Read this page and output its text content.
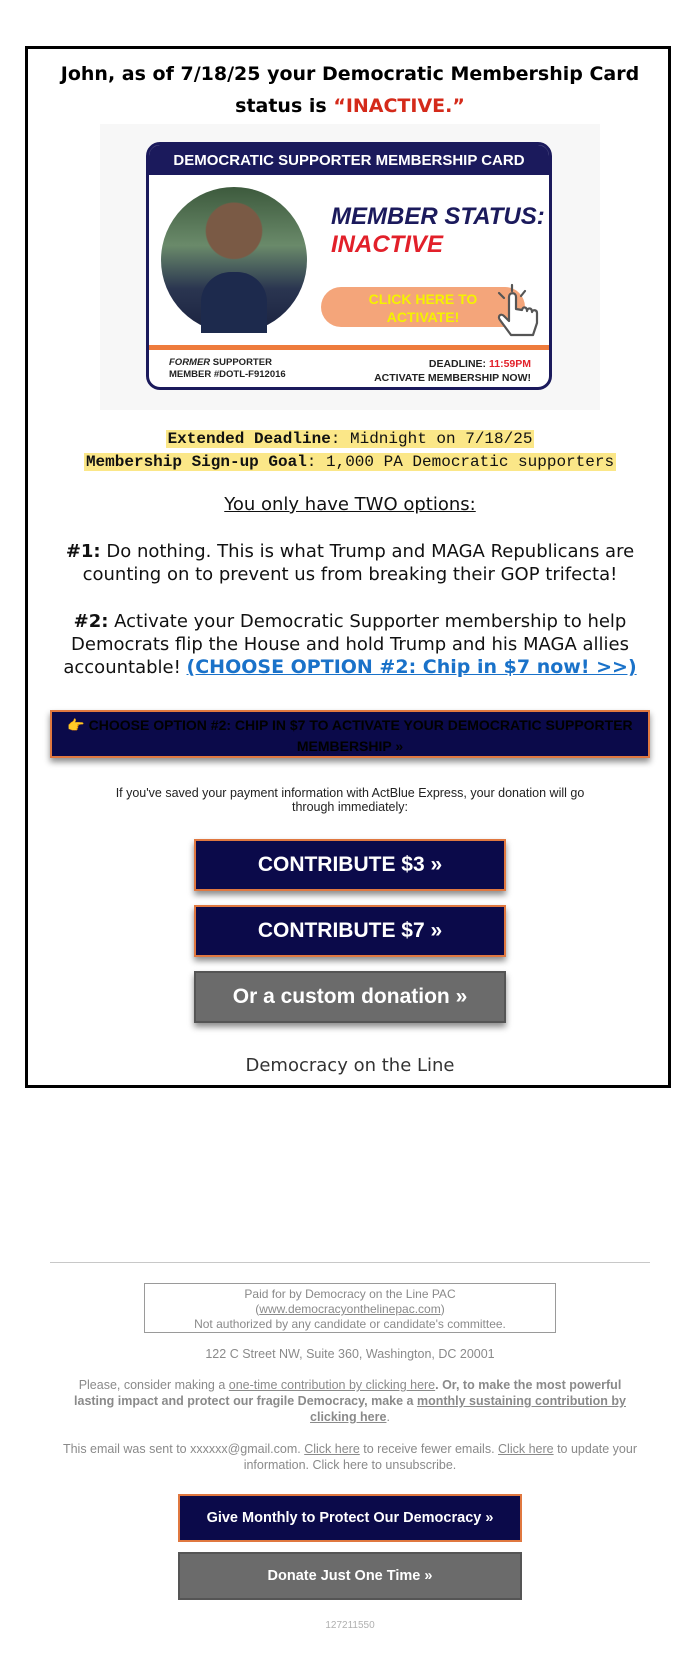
John, as of 7/18/25 your Democratic Membership Card
status is “INACTIVE.”
DEMOCRATIC SUPPORTER MEMBERSHIP CARD
MEMBER STATUS:
INACTIVE
CLICK HERE TO
ACTIVATE!
FORMER SUPPORTER
MEMBER #DOTL-F912016
DEADLINE: 11:59PM
ACTIVATE MEMBERSHIP NOW!
Extended Deadline: Midnight on 7/18/25
Membership Sign-up Goal: 1,000 PA Democratic supporters
You only have TWO options:
#1: Do nothing. This is what Trump and MAGA Republicans are counting on to prevent us from breaking their GOP trifecta!
#2: Activate your Democratic Supporter membership to help Democrats flip the House and hold Trump and his MAGA allies accountable! (CHOOSE OPTION #2: Chip in $7 now! >>)
👉 CHOOSE OPTION #2: CHIP IN $7 TO ACTIVATE YOUR DEMOCRATIC SUPPORTER MEMBERSHIP »
If you've saved your payment information with ActBlue Express, your donation will go through immediately:
CONTRIBUTE $3 »
CONTRIBUTE $7 »
Or a custom donation »
Democracy on the Line
Paid for by Democracy on the Line PAC
(www.democracyonthelinepac.com)
Not authorized by any candidate or candidate's committee.
122 C Street NW, Suite 360, Washington, DC 20001
Please, consider making a one-time contribution by clicking here. Or, to make the most powerful lasting impact and protect our fragile Democracy, make a monthly sustaining contribution by clicking here.
This email was sent to xxxxxx@gmail.com. Click here to receive fewer emails. Click here to update your information. Click here to unsubscribe.
Give Monthly to Protect Our Democracy »
Donate Just One Time »
127211550
